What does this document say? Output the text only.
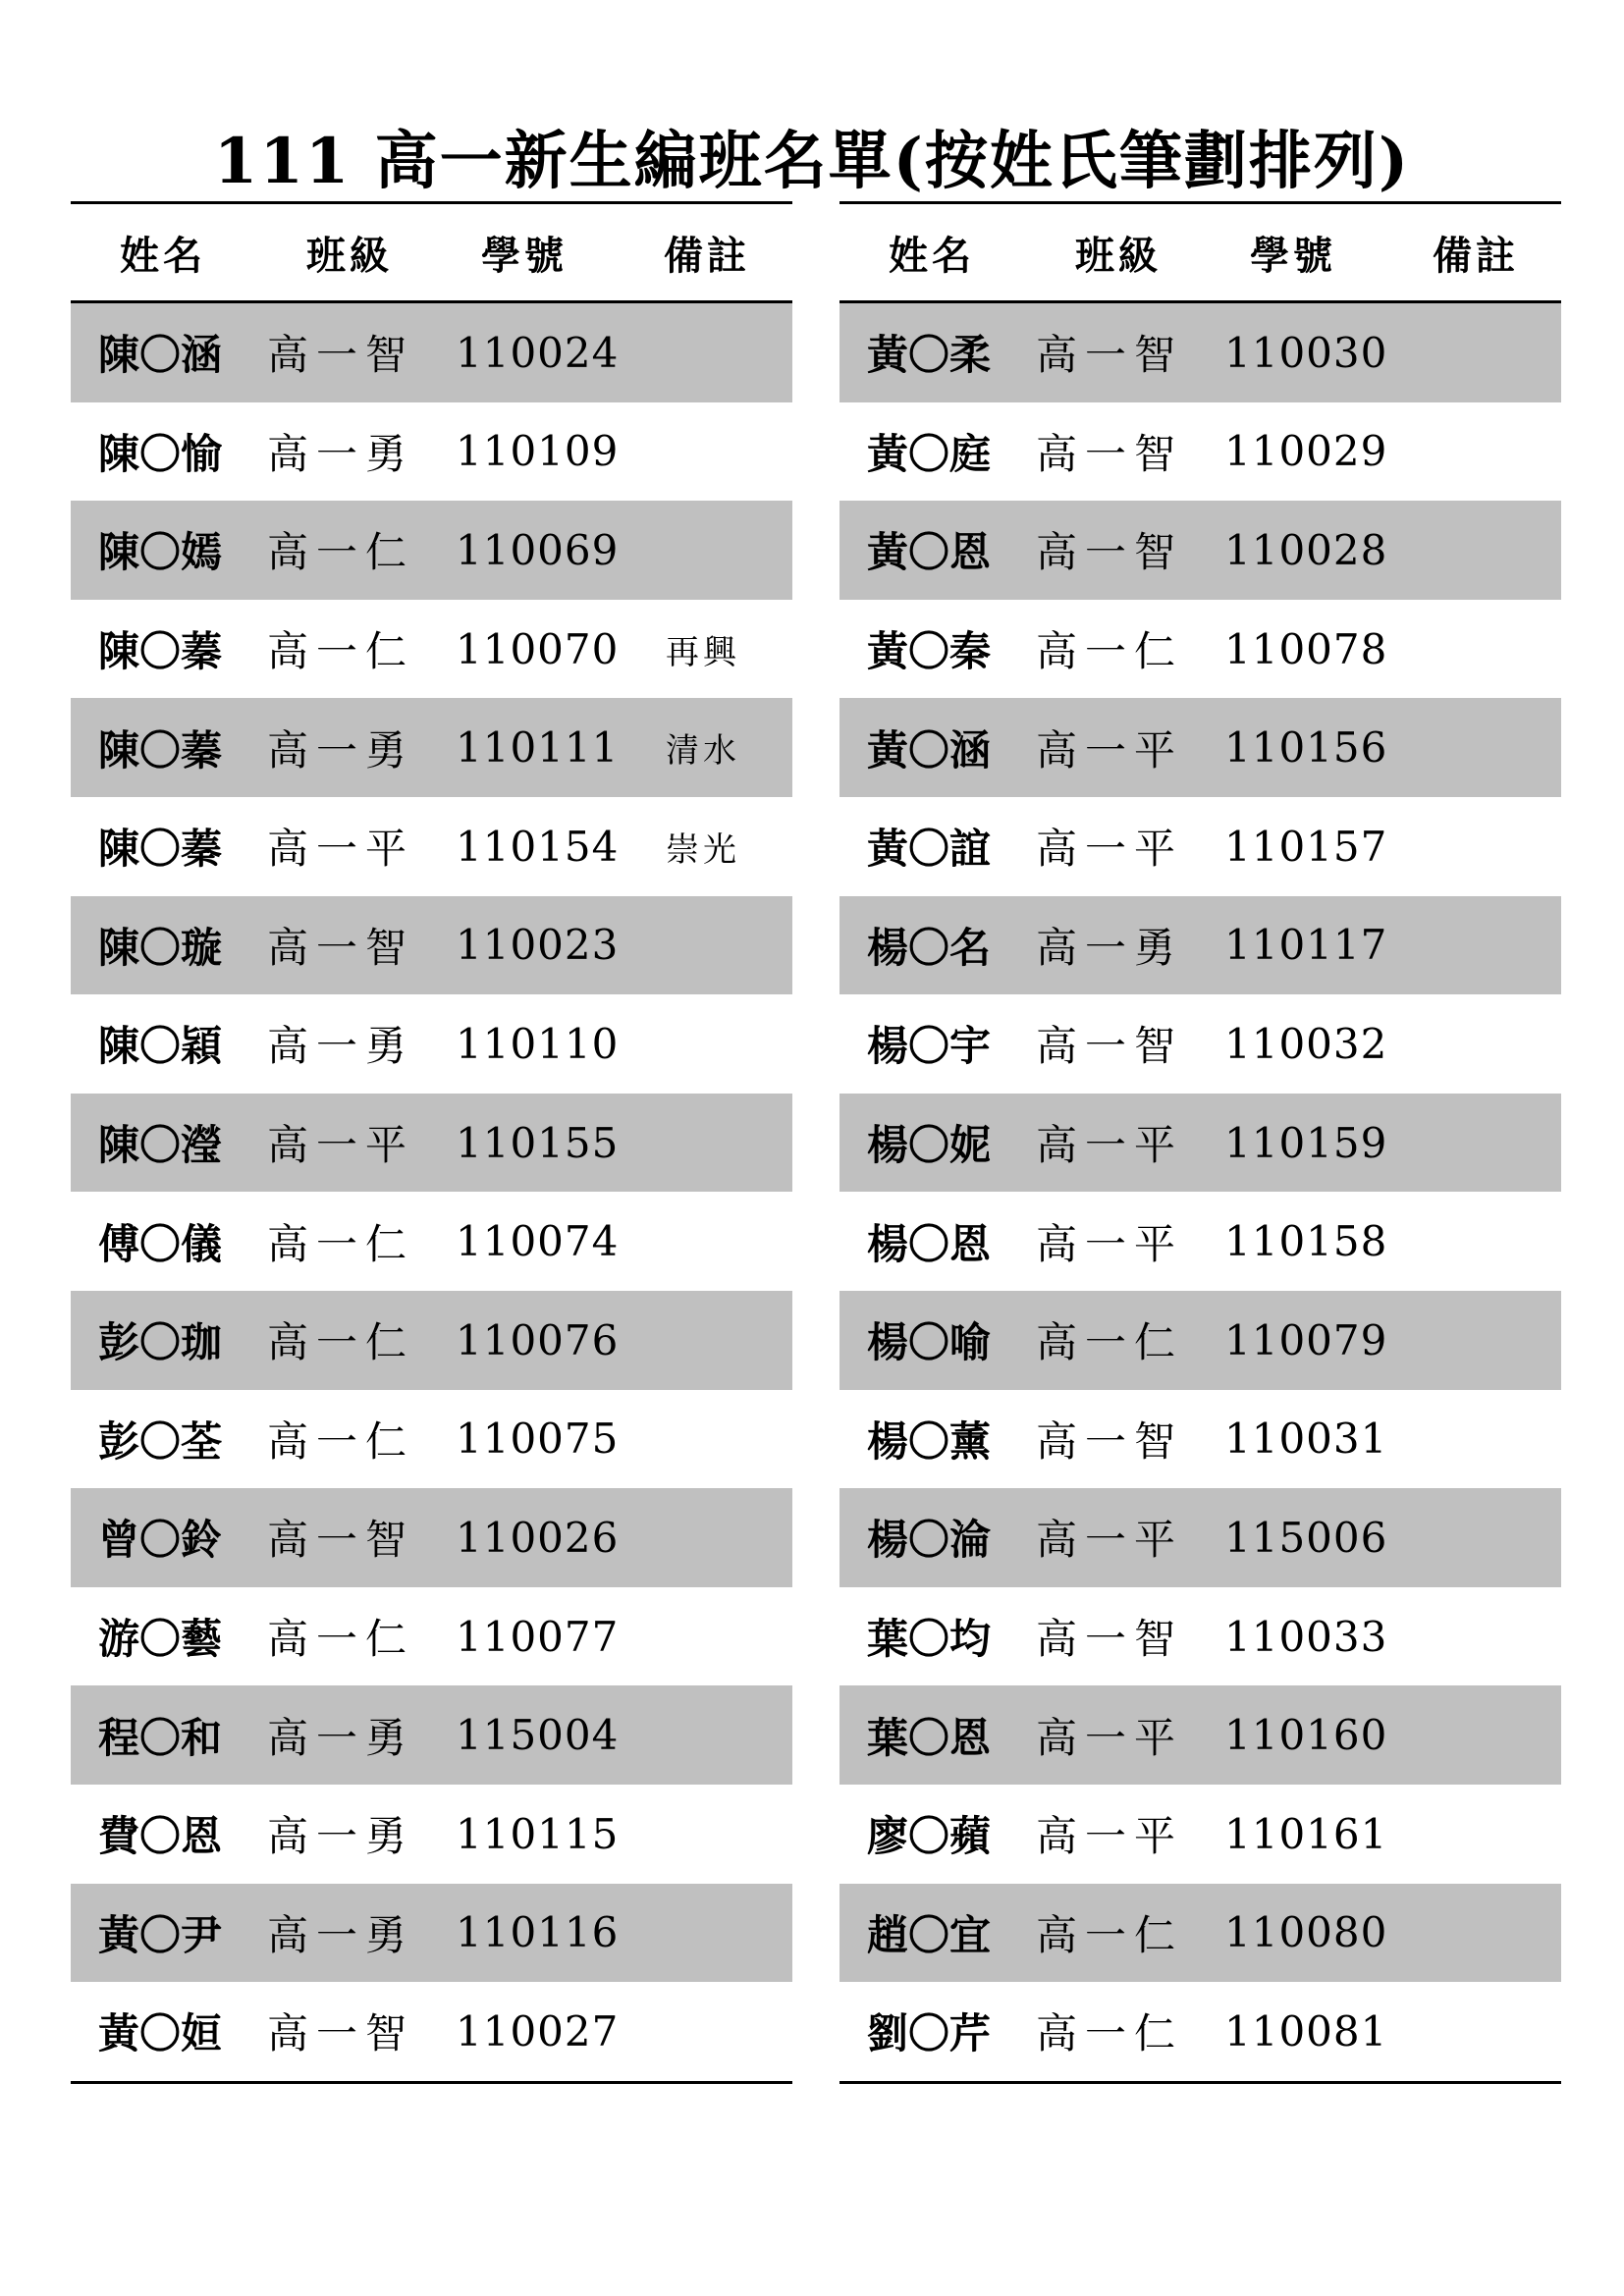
111 高一新生編班名單(按姓氏筆劃排列)
姓名	班級	學號	備註
陳〇涵	高一智 110024
陳〇愉	高一勇 110109
陳〇嫣	高一仁 110069
陳〇蓁	高一仁 110070	再興
陳〇蓁	高一勇 110111	清水
陳〇蓁	高一平 110154	崇光
陳〇璇	高一智 110023
陳〇穎	高一勇 110110
陳〇瀅	高一平 110155
傅〇儀	高一仁 110074
彭〇珈	高一仁 110076
彭〇荃	高一仁 110075
曾〇鈴	高一智 110026
游〇藝	高一仁 110077
程〇和	高一勇 115004
費〇恩	高一勇 110115
黃〇尹	高一勇 110116
黃〇姮	高一智 110027
姓名	班級	學號	備註
黃〇柔	高一智 110030
黃〇庭	高一智 110029
黃〇恩	高一智 110028
黃〇秦	高一仁 110078
黃〇涵	高一平 110156
黃〇誼	高一平 110157
楊〇名	高一勇 110117
楊〇宇	高一智 110032
楊〇妮	高一平 110159
楊〇恩	高一平 110158
楊〇喻	高一仁 110079
楊〇薰	高一智 110031
楊〇淪	高一平 115006
葉〇均	高一智 110033
葉〇恩	高一平 110160
廖〇蘋	高一平 110161
趙〇宜	高一仁 110080
劉〇芹	高一仁 110081
